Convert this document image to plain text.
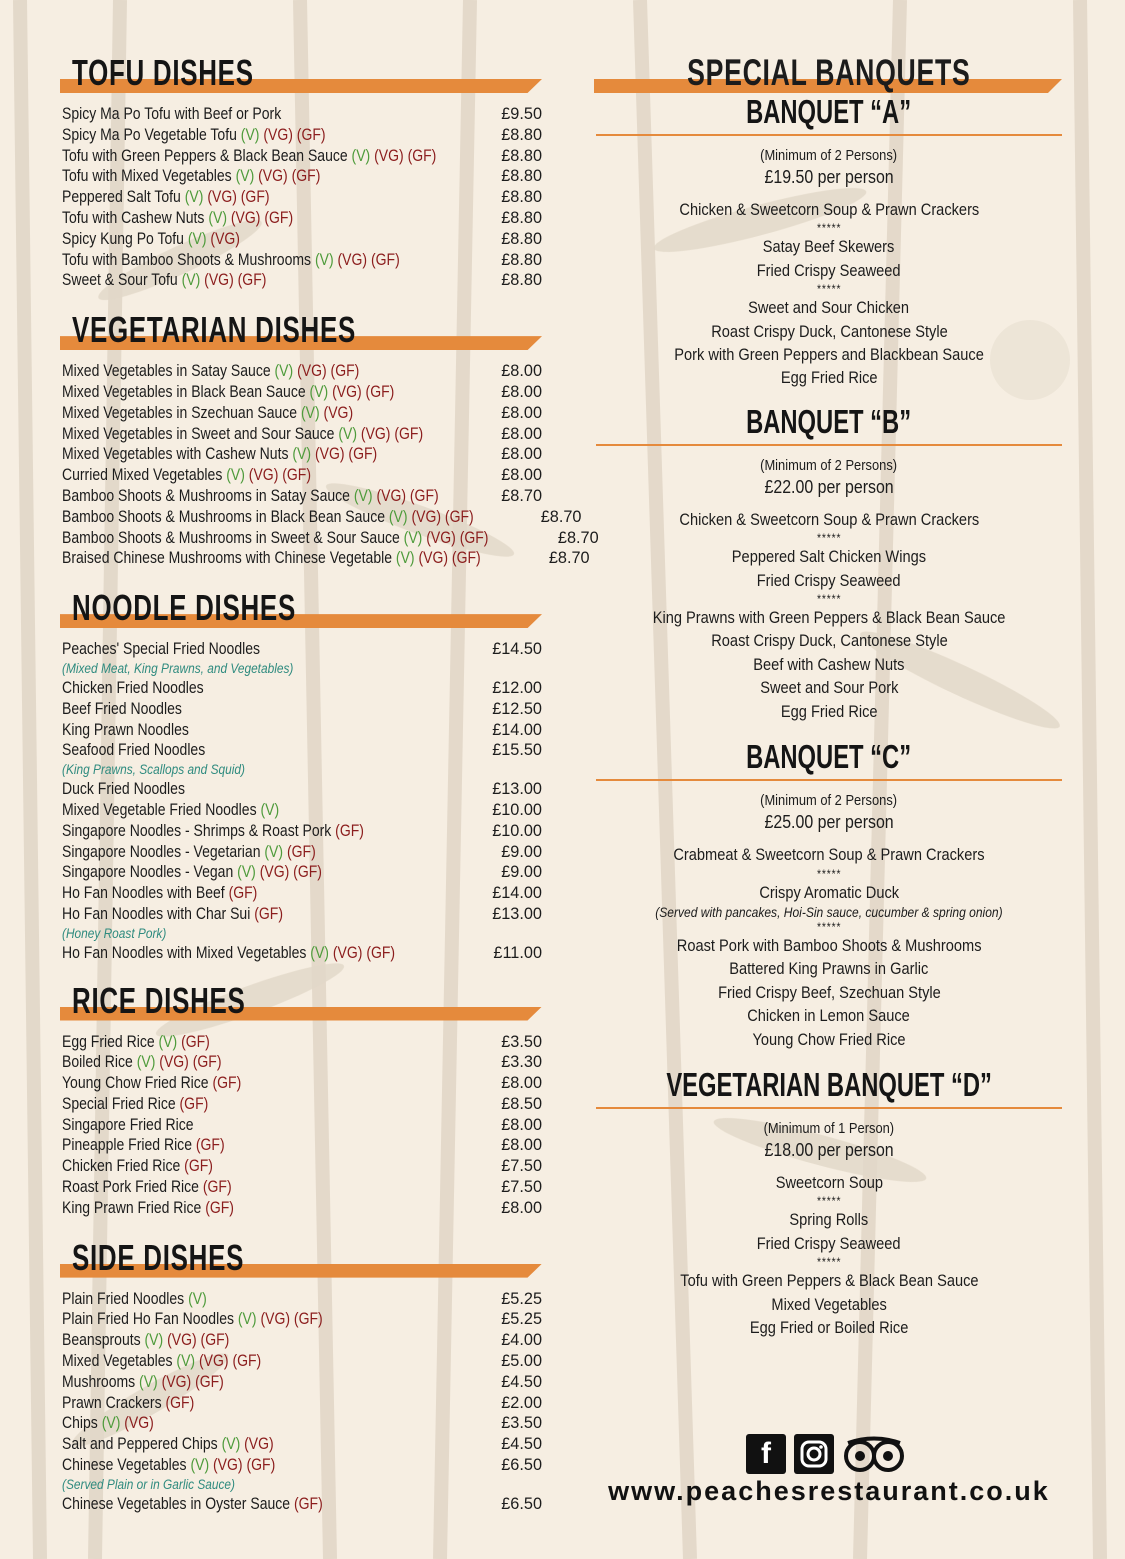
TOFU DISHES
Spicy Ma Po Tofu with Beef or Pork	£9.50
Spicy Ma Po Vegetable Tofu (V) (VG) (GF)	£8.80
Tofu with Green Peppers & Black Bean Sauce (V) (VG) (GF)	£8.80
Tofu with Mixed Vegetables (V) (VG) (GF)	£8.80
Peppered Salt Tofu (V) (VG) (GF)	£8.80
Tofu with Cashew Nuts (V) (VG) (GF)	£8.80
Spicy Kung Po Tofu (V) (VG)	£8.80
Tofu with Bamboo Shoots & Mushrooms (V) (VG) (GF)	£8.80
Sweet & Sour Tofu (V) (VG) (GF)	£8.80
VEGETARIAN DISHES
Mixed Vegetables in Satay Sauce (V) (VG) (GF)	£8.00
Mixed Vegetables in Black Bean Sauce (V) (VG) (GF)	£8.00
Mixed Vegetables in Szechuan Sauce (V) (VG)	£8.00
Mixed Vegetables in Sweet and Sour Sauce (V) (VG) (GF)	£8.00
Mixed Vegetables with Cashew Nuts (V) (VG) (GF)	£8.00
Curried Mixed Vegetables (V) (VG) (GF)	£8.00
Bamboo Shoots & Mushrooms in Satay Sauce (V) (VG) (GF)	£8.70
Bamboo Shoots & Mushrooms in Black Bean Sauce (V) (VG) (GF)	£8.70
Bamboo Shoots & Mushrooms in Sweet & Sour Sauce (V) (VG) (GF)	£8.70
Braised Chinese Mushrooms with Chinese Vegetable (V) (VG) (GF)	£8.70
NOODLE DISHES
Peaches' Special Fried Noodles	£14.50
(Mixed Meat, King Prawns, and Vegetables)
Chicken Fried Noodles	£12.00
Beef Fried Noodles	£12.50
King Prawn Noodles	£14.00
Seafood Fried Noodles	£15.50
(King Prawns, Scallops and Squid)
Duck Fried Noodles	£13.00
Mixed Vegetable Fried Noodles (V)	£10.00
Singapore Noodles - Shrimps & Roast Pork (GF)	£10.00
Singapore Noodles - Vegetarian (V) (GF)	£9.00
Singapore Noodles - Vegan (V) (VG) (GF)	£9.00
Ho Fan Noodles with Beef (GF)	£14.00
Ho Fan Noodles with Char Sui (GF)	£13.00
(Honey Roast Pork)
Ho Fan Noodles with Mixed Vegetables (V) (VG) (GF)	£11.00
RICE DISHES
Egg Fried Rice (V) (GF)	£3.50
Boiled Rice (V) (VG) (GF)	£3.30
Young Chow Fried Rice (GF)	£8.00
Special Fried Rice (GF)	£8.50
Singapore Fried Rice	£8.00
Pineapple Fried Rice (GF)	£8.00
Chicken Fried Rice (GF)	£7.50
Roast Pork Fried Rice (GF)	£7.50
King Prawn Fried Rice (GF)	£8.00
SIDE DISHES
Plain Fried Noodles (V)	£5.25
Plain Fried Ho Fan Noodles (V) (VG) (GF)	£5.25
Beansprouts (V) (VG) (GF)	£4.00
Mixed Vegetables (V) (VG) (GF)	£5.00
Mushrooms (V) (VG) (GF)	£4.50
Prawn Crackers (GF)	£2.00
Chips (V) (VG)	£3.50
Salt and Peppered Chips (V) (VG)	£4.50
Chinese Vegetables (V) (VG) (GF)	£6.50
(Served Plain or in Garlic Sauce)
Chinese Vegetables in Oyster Sauce (GF)	£6.50
SPECIAL BANQUETS
BANQUET “A”
(Minimum of 2 Persons)
£19.50 per person
Chicken & Sweetcorn Soup & Prawn Crackers
*****
Satay Beef Skewers
Fried Crispy Seaweed
*****
Sweet and Sour Chicken
Roast Crispy Duck, Cantonese Style
Pork with Green Peppers and Blackbean Sauce
Egg Fried Rice
BANQUET “B”
(Minimum of 2 Persons)
£22.00 per person
Chicken & Sweetcorn Soup & Prawn Crackers
*****
Peppered Salt Chicken Wings
Fried Crispy Seaweed
*****
King Prawns with Green Peppers & Black Bean Sauce
Roast Crispy Duck, Cantonese Style
Beef with Cashew Nuts
Sweet and Sour Pork
Egg Fried Rice
BANQUET “C”
(Minimum of 2 Persons)
£25.00 per person
Crabmeat & Sweetcorn Soup & Prawn Crackers
*****
Crispy Aromatic Duck
(Served with pancakes, Hoi-Sin sauce, cucumber & spring onion)
*****
Roast Pork with Bamboo Shoots & Mushrooms
Battered King Prawns in Garlic
Fried Crispy Beef, Szechuan Style
Chicken in Lemon Sauce
Young Chow Fried Rice
VEGETARIAN BANQUET “D”
(Minimum of 1 Person)
£18.00 per person
Sweetcorn Soup
*****
Spring Rolls
Fried Crispy Seaweed
*****
Tofu with Green Peppers & Black Bean Sauce
Mixed Vegetables
Egg Fried or Boiled Rice
f
www.peachesrestaurant.co.uk
